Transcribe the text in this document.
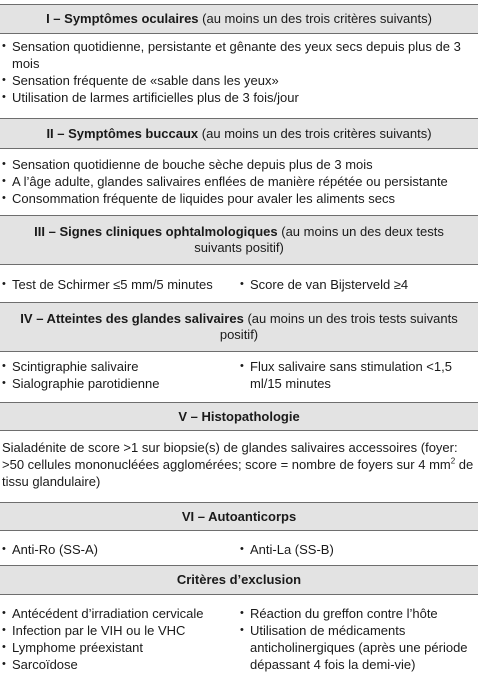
I – Symptômes oculaires (au moins un des trois critères suivants)
• Sensation quotidienne, persistante et gênante des yeux secs depuis plus de 3 mois
• Sensation fréquente de «sable dans les yeux»
• Utilisation de larmes artificielles plus de 3 fois/jour
II – Symptômes buccaux (au moins un des trois critères suivants)
• Sensation quotidienne de bouche sèche depuis plus de 3 mois
• A l’âge adulte, glandes salivaires enflées de manière répétée ou persistante
• Consommation fréquente de liquides pour avaler les aliments secs
III – Signes cliniques ophtalmologiques (au moins un des deux tests suivants positif)
• Test de Schirmer ≤5 mm/5 minutes	• Score de van Bijsterveld ≥4
IV – Atteintes des glandes salivaires (au moins un des trois tests suivants positif)
• Scintigraphie salivaire
• Sialographie parotidienne
• Flux salivaire sans stimulation <1,5 ml/15 minutes
V – Histopathologie
Sialadénite de score >1 sur biopsie(s) de glandes salivaires accessoires (foyer: >50 cellules mononucléées agglomérées; score = nombre de foyers sur 4 $mm^2$ de tissu glandulaire)
VI – Autoanticorps
• Anti-Ro (SS-A)	• Anti-La (SS-B)
Critères d’exclusion
• Antécédent d’irradiation cervicale
• Infection par le VIH ou le VHC
• Lymphome préexistant
• Sarcoïdose
• Réaction du greffon contre l’hôte
• Utilisation de médicaments anticholinergiques (après une période dépassant 4 fois la demi-vie)
